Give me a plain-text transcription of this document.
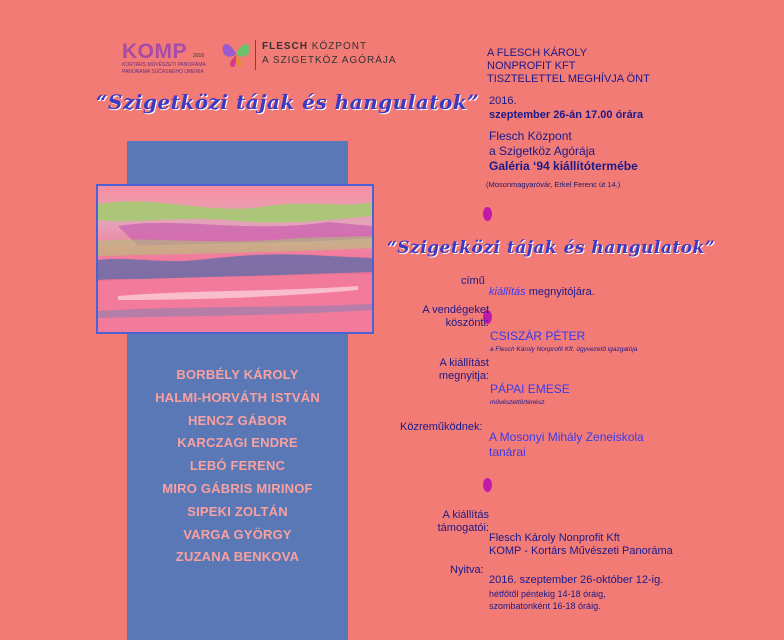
KOMP 2016
KORTÁRS MŰVÉSZETI PANORÁMA
PANORAMA SÚČASNÉHO UMENIA
FLESCH KÖZPONT
A SZIGETKÖZ AGÓRÁJA
“Szigetközi tájak és hangulatok”
BORBÉLY KÁROLY
HALMI-HORVÁTH ISTVÁN
HENCZ GÁBOR
KARCZAGI ENDRE
LEBÓ FERENC
MIRO GÁBRIS MIRINOF
SIPEKI ZOLTÁN
VARGA GYÖRGY
ZUZANA BENKOVA
A FLESCH KÁROLY
NONPROFIT KFT
TISZTELETTEL MEGHÍVJA ÖNT
2016.
szeptember 26-án 17.00 órára
Flesch Központ
a Szigetköz Agórája
Galéria ‘94 kiállítótermébe
(Mosonmagyaróvár, Erkel Ferenc út 14.)
“Szigetközi tájak és hangulatok”
című
kiállítás megnyitójára.
A vendégeket
köszönti:
CSISZÁR PÉTER
a Flesch Károly Nonprofit Kft. ügyvezető igazgatója
A kiállítást
megnyitja:
PÁPAI EMESE
művészettörténész
Közreműködnek:
A Mosonyi Mihály Zeneiskola
tanárai
A kiállítás
támogatói:
Flesch Károly Nonprofit Kft
KOMP - Kortárs Művészeti Panoráma
Nyitva:
2016. szeptember 26-október 12-ig.
hétfőtől péntekig 14-18 óráig,
szombatonként 16-18 óráig.
